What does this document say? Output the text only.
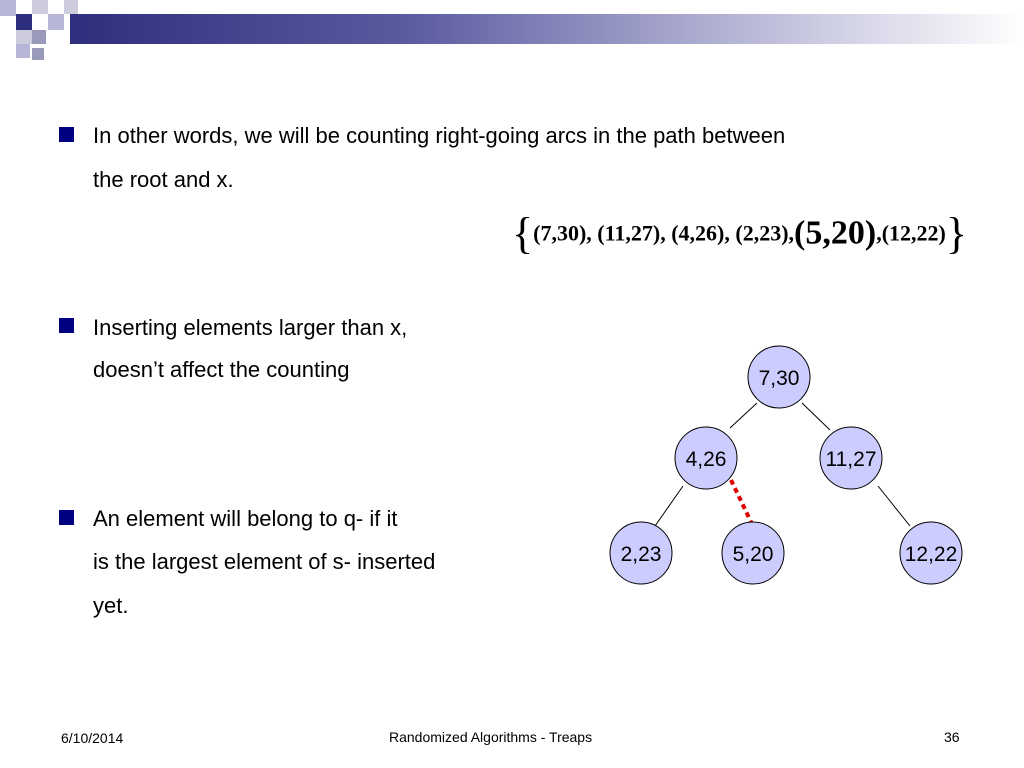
In other words, we will be counting right-going arcs in the path between
the root and x.
{(7,30), (11,27), (4,26), (2,23),(5,20),(12,22)}
Inserting elements larger than x,
doesn’t affect the counting
An element will belong to q- if it
is the largest element of s- inserted
yet.
7,30
4,26	11,27
2,23	5,20	12,22
6/10/2014	Randomized Algorithms - Treaps	36
